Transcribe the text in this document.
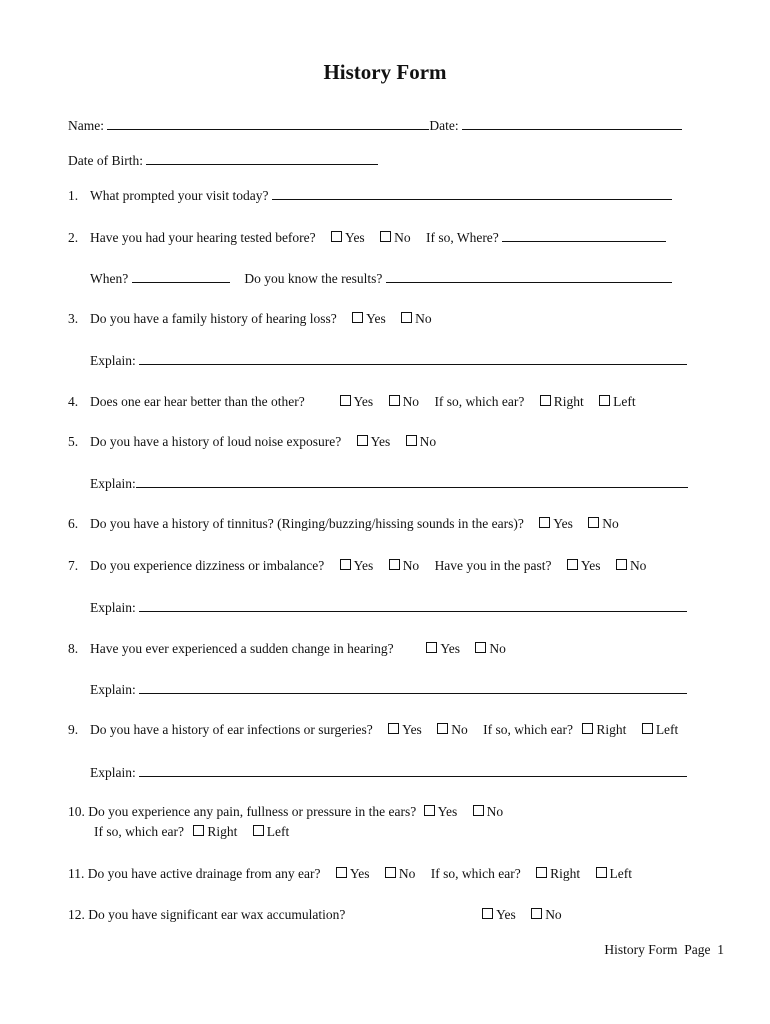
History Form
Name:	Date:
Date of Birth:
1. What prompted your visit today?
2. Have you had your hearing tested before? Yes No If so, Where?
When?	Do you know the results?
3. Do you have a family history of hearing loss? Yes No
Explain:
4. Does one ear hear better than the other?	Yes No If so, which ear? Right Left
5. Do you have a history of loud noise exposure? Yes No
Explain:
6. Do you have a history of tinnitus? (Ringing/buzzing/hissing sounds in the ears)? Yes No
7. Do you experience dizziness or imbalance? Yes No Have you in the past? Yes No
Explain:
8. Have you ever experienced a sudden change in hearing?	Yes No
Explain:
9. Do you have a history of ear infections or surgeries? Yes No If so, which ear? Right Left
Explain:
10. Do you experience any pain, fullness or pressure in the ears? Yes No
If so, which ear? Right Left
11. Do you have active drainage from any ear? Yes No If so, which ear? Right Left
12. Do you have significant ear wax accumulation?	Yes No
History Form  Page  1
